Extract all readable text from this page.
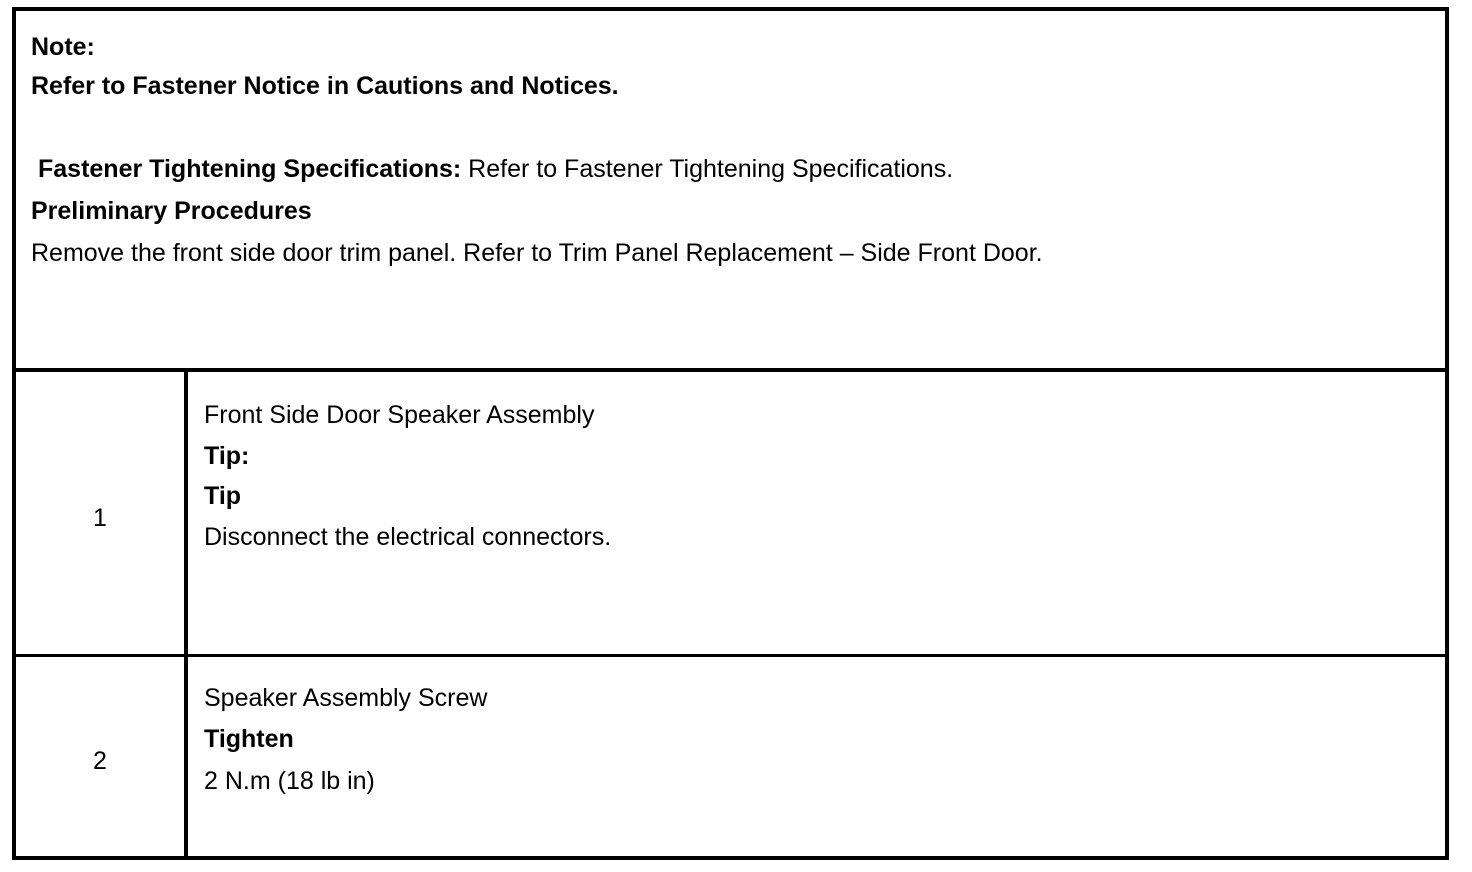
Note:
Refer to Fastener Notice in Cautions and Notices.
Fastener Tightening Specifications: Refer to Fastener Tightening Specifications.
Preliminary Procedures
Remove the front side door trim panel. Refer to Trim Panel Replacement – Side Front Door.
1
Front Side Door Speaker Assembly
Tip:
Tip
Disconnect the electrical connectors.
2
Speaker Assembly Screw
Tighten
2 N.m (18 lb in)
